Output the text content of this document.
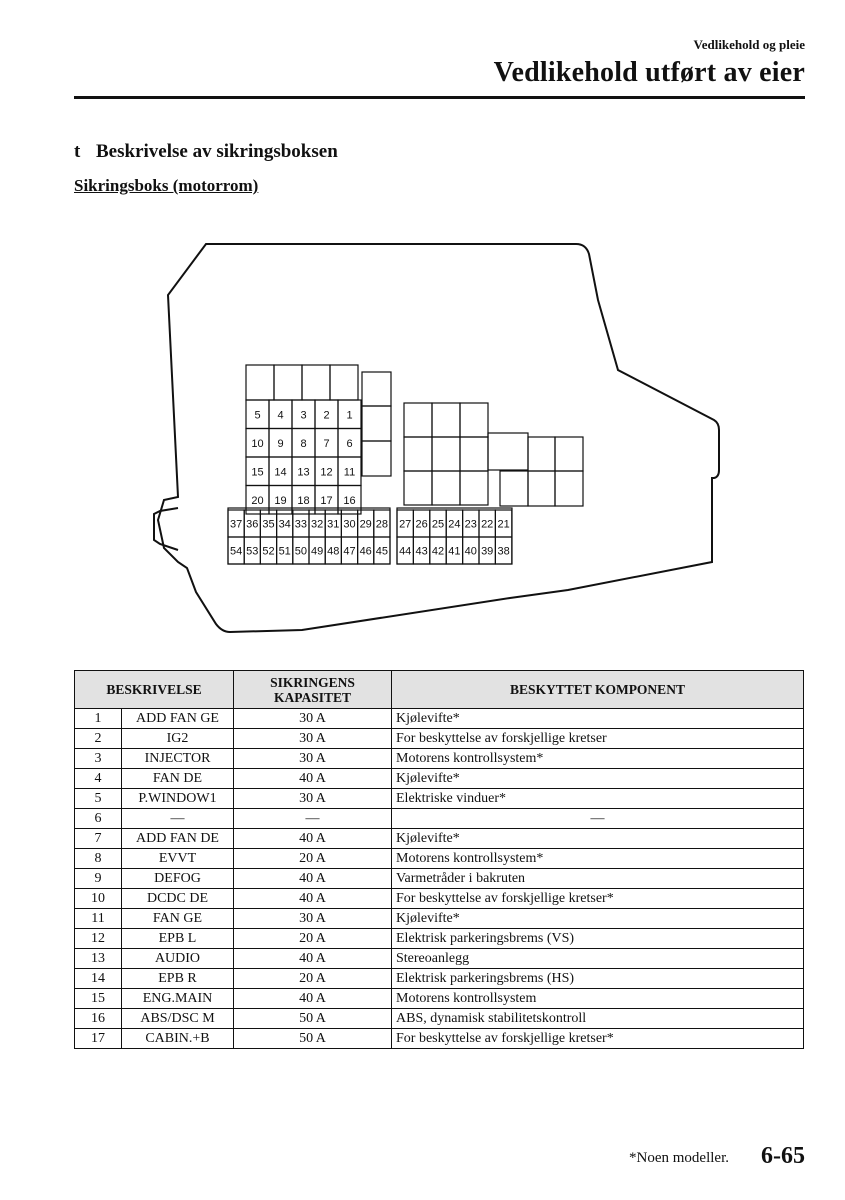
Vedlikehold og pleie
Vedlikehold utført av eier
t Beskrivelse av sikringsboksen
Sikringsboks (motorrom)
5 4 3 2 1
10 9 8 7 6
15 14 13 12 11
20 19 18 17 16
37 36 35 34 33 32 31 30 29 28
54 53 52 51 50 49 48 47 46 45
27 26 25 24 23 22 21
44 43 42 41 40 39 38
BESKRIVELSE		SIKRINGENS
KAPASITET	BESKYTTET KOMPONENT
1	ADD FAN GE	30 A	Kjølevifte*
2	IG2	30 A	For beskyttelse av forskjellige kretser
3	INJECTOR	30 A	Motorens kontrollsystem*
4	FAN DE	40 A	Kjølevifte*
5	P.WINDOW1	30 A	Elektriske vinduer*
6	—	—	—
7	ADD FAN DE	40 A	Kjølevifte*
8	EVVT	20 A	Motorens kontrollsystem*
9	DEFOG	40 A	Varmetråder i bakruten
10	DCDC DE	40 A	For beskyttelse av forskjellige kretser*
11	FAN GE	30 A	Kjølevifte*
12	EPB L	20 A	Elektrisk parkeringsbrems (VS)
13	AUDIO	40 A	Stereoanlegg
14	EPB R	20 A	Elektrisk parkeringsbrems (HS)
15	ENG.MAIN	40 A	Motorens kontrollsystem
16	ABS/DSC M	50 A	ABS, dynamisk stabilitetskontroll
17	CABIN.+B	50 A	For beskyttelse av forskjellige kretser*
*Noen modeller. 6-65
